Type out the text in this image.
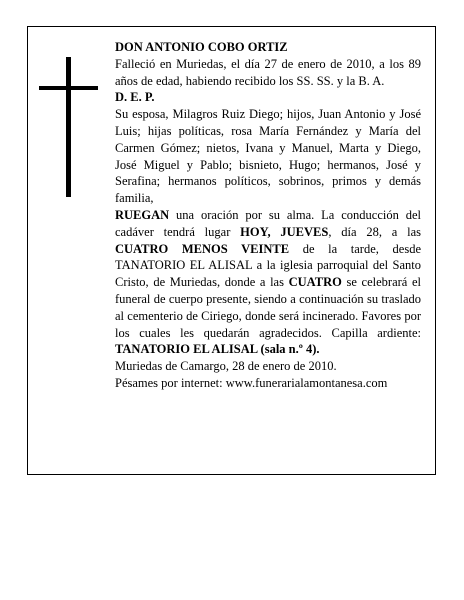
DON ANTONIO COBO ORTIZ

Falleció en Muriedas, el día 27 de enero de 2010, a los 89 años de edad, habiendo recibido los SS. SS. y la B. A.

D. E. P.

Su esposa, Milagros Ruiz Diego; hijos, Juan Antonio y José Luis; hijas políticas, rosa María Fernández y María del Carmen Gómez; nietos, Ivana y Manuel, Marta y Diego, José Miguel y Pablo; bisnieto, Hugo; hermanos, José y Serafina; hermanos políticos, sobrinos, primos y demás familia,

RUEGAN una oración por su alma. La conducción del cadáver tendrá lugar HOY, JUEVES, día 28, a las CUATRO MENOS VEINTE de la tarde, desde TANATORIO EL ALISAL a la iglesia parroquial del Santo Cristo, de Muriedas, donde a las CUATRO se celebrará el funeral de cuerpo presente, siendo a continuación su traslado al cementerio de Ciriego, donde será incinerado. Favores por los cuales les quedarán agradecidos. Capilla ardiente: TANATORIO EL ALISAL (sala n.º 4).

Muriedas de Camargo, 28 de enero de 2010.

Pésames por internet: www.funerarialamontanesa.com
